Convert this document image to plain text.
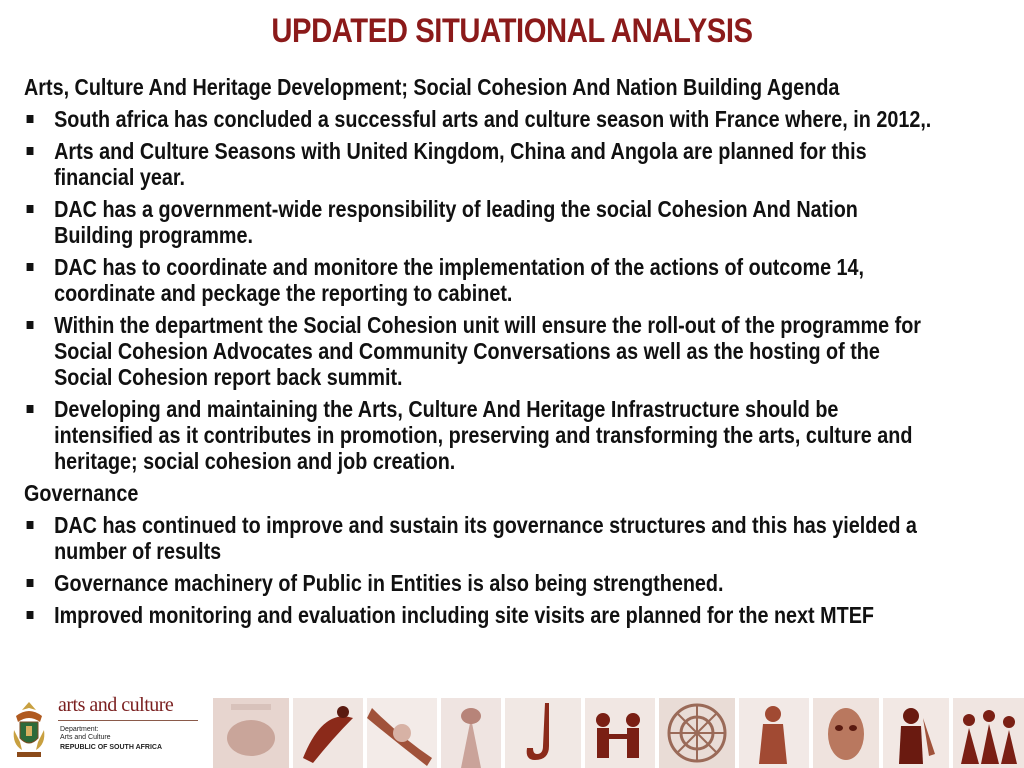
UPDATED SITUATIONAL ANALYSIS
Arts, Culture And Heritage Development; Social Cohesion And Nation Building Agenda
South africa has concluded a successful arts and culture season with France where, in 2012,.
Arts and Culture Seasons with United Kingdom, China and Angola are planned for this financial year.
DAC has a government-wide responsibility of leading the social Cohesion And Nation Building programme.
DAC has to coordinate and monitore the implementation of the actions of outcome 14, coordinate and peckage the reporting to cabinet.
Within the department the Social Cohesion unit will ensure the roll-out of the programme for Social Cohesion Advocates and Community Conversations as well as the hosting of the Social Cohesion report back summit.
Developing and maintaining the Arts, Culture And Heritage Infrastructure should be intensified as it contributes in promotion, preserving and transforming the arts, culture and heritage; social cohesion and job creation.
Governance
DAC has continued to improve and sustain its governance structures and this has yielded a number of results
Governance machinery of Public in Entities is also being strengthened.
Improved monitoring and evaluation including site visits are planned for the next MTEF
arts and culture
Department:
Arts and Culture
REPUBLIC OF SOUTH AFRICA
